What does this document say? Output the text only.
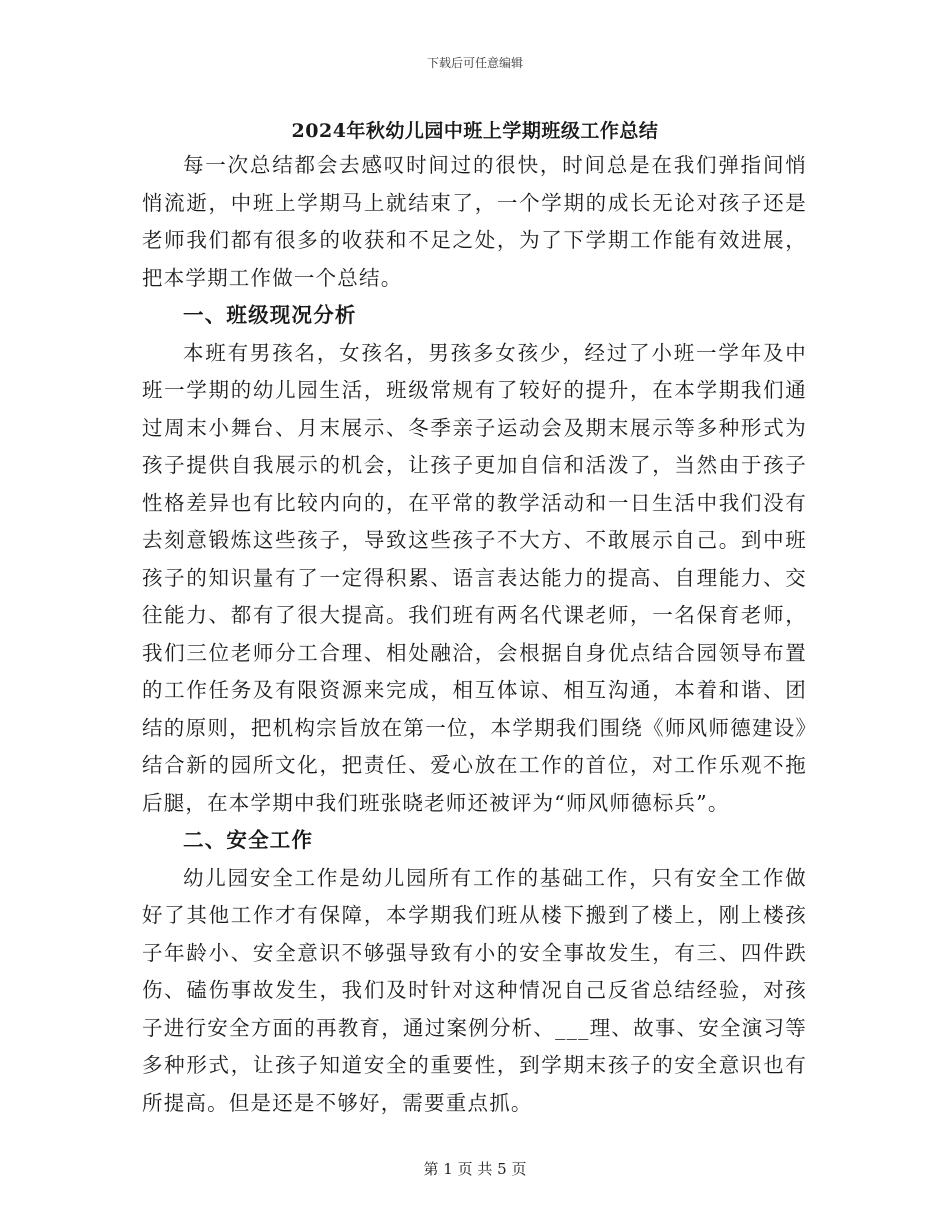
下载后可任意编辑
2024年秋幼儿园中班上学期班级工作总结

每一次总结都会去感叹时间过的很快，时间总是在我们弹指间悄悄流逝，中班上学期马上就结束了，一个学期的成长无论对孩子还是老师我们都有很多的收获和不足之处，为了下学期工作能有效进展，把本学期工作做一个总结。

一、班级现况分析

本班有男孩名，女孩名，男孩多女孩少，经过了小班一学年及中班一学期的幼儿园生活，班级常规有了较好的提升，在本学期我们通过周末小舞台、月末展示、冬季亲子运动会及期末展示等多种形式为孩子提供自我展示的机会，让孩子更加自信和活泼了，当然由于孩子性格差异也有比较内向的，在平常的教学活动和一日生活中我们没有去刻意锻炼这些孩子，导致这些孩子不大方、不敢展示自己。到中班孩子的知识量有了一定得积累、语言表达能力的提高、自理能力、交往能力、都有了很大提高。我们班有两名代课老师，一名保育老师，我们三位老师分工合理、相处融洽，会根据自身优点结合园领导布置的工作任务及有限资源来完成，相互体谅、相互沟通，本着和谐、团结的原则，把机构宗旨放在第一位，本学期我们围绕《师风师德建设》结合新的园所文化，把责任、爱心放在工作的首位，对工作乐观不拖后腿，在本学期中我们班张晓老师还被评为“师风师德标兵”。

二、安全工作

幼儿园安全工作是幼儿园所有工作的基础工作，只有安全工作做好了其他工作才有保障，本学期我们班从楼下搬到了楼上，刚上楼孩子年龄小、安全意识不够强导致有小的安全事故发生，有三、四件跌伤、磕伤事故发生，我们及时针对这种情况自己反省总结经验，对孩子进行安全方面的再教育，通过案例分析、___理、故事、安全演习等多种形式，让孩子知道安全的重要性，到学期末孩子的安全意识也有所提高。但是还是不够好，需要重点抓。

第 1 页 共 5 页
